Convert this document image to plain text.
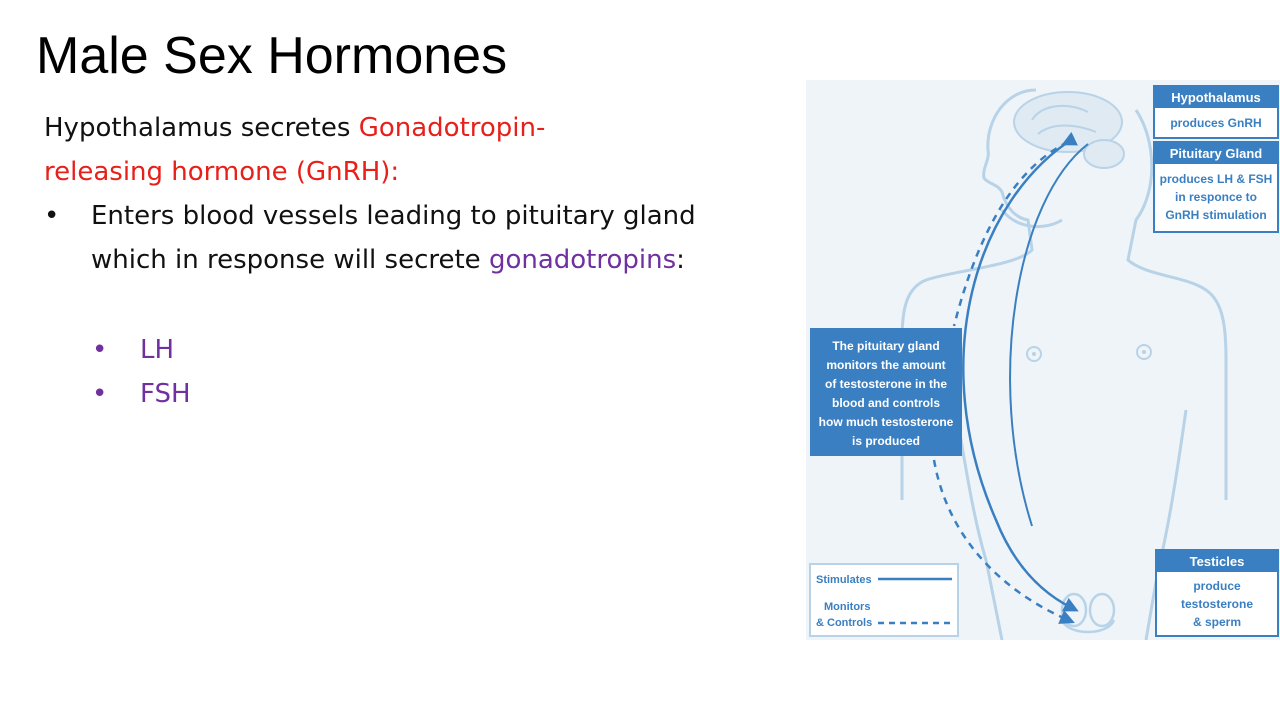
Male Sex Hormones
Hypothalamus secretes Gonadotropin-releasing hormone (GnRH):
• Enters blood vessels leading to pituitary gland which in response will secrete gonadotropins:
• LH
• FSH
Hypothalamus
produces GnRH
Pituitary Gland
produces LH & FSH
in responce to
GnRH stimulation
The pituitary gland
monitors the amount
of testosterone in the
blood and controls
how much testosterone
is produced
Testicles
produce
testosterone
& sperm
Stimulates
Monitors
& Controls
